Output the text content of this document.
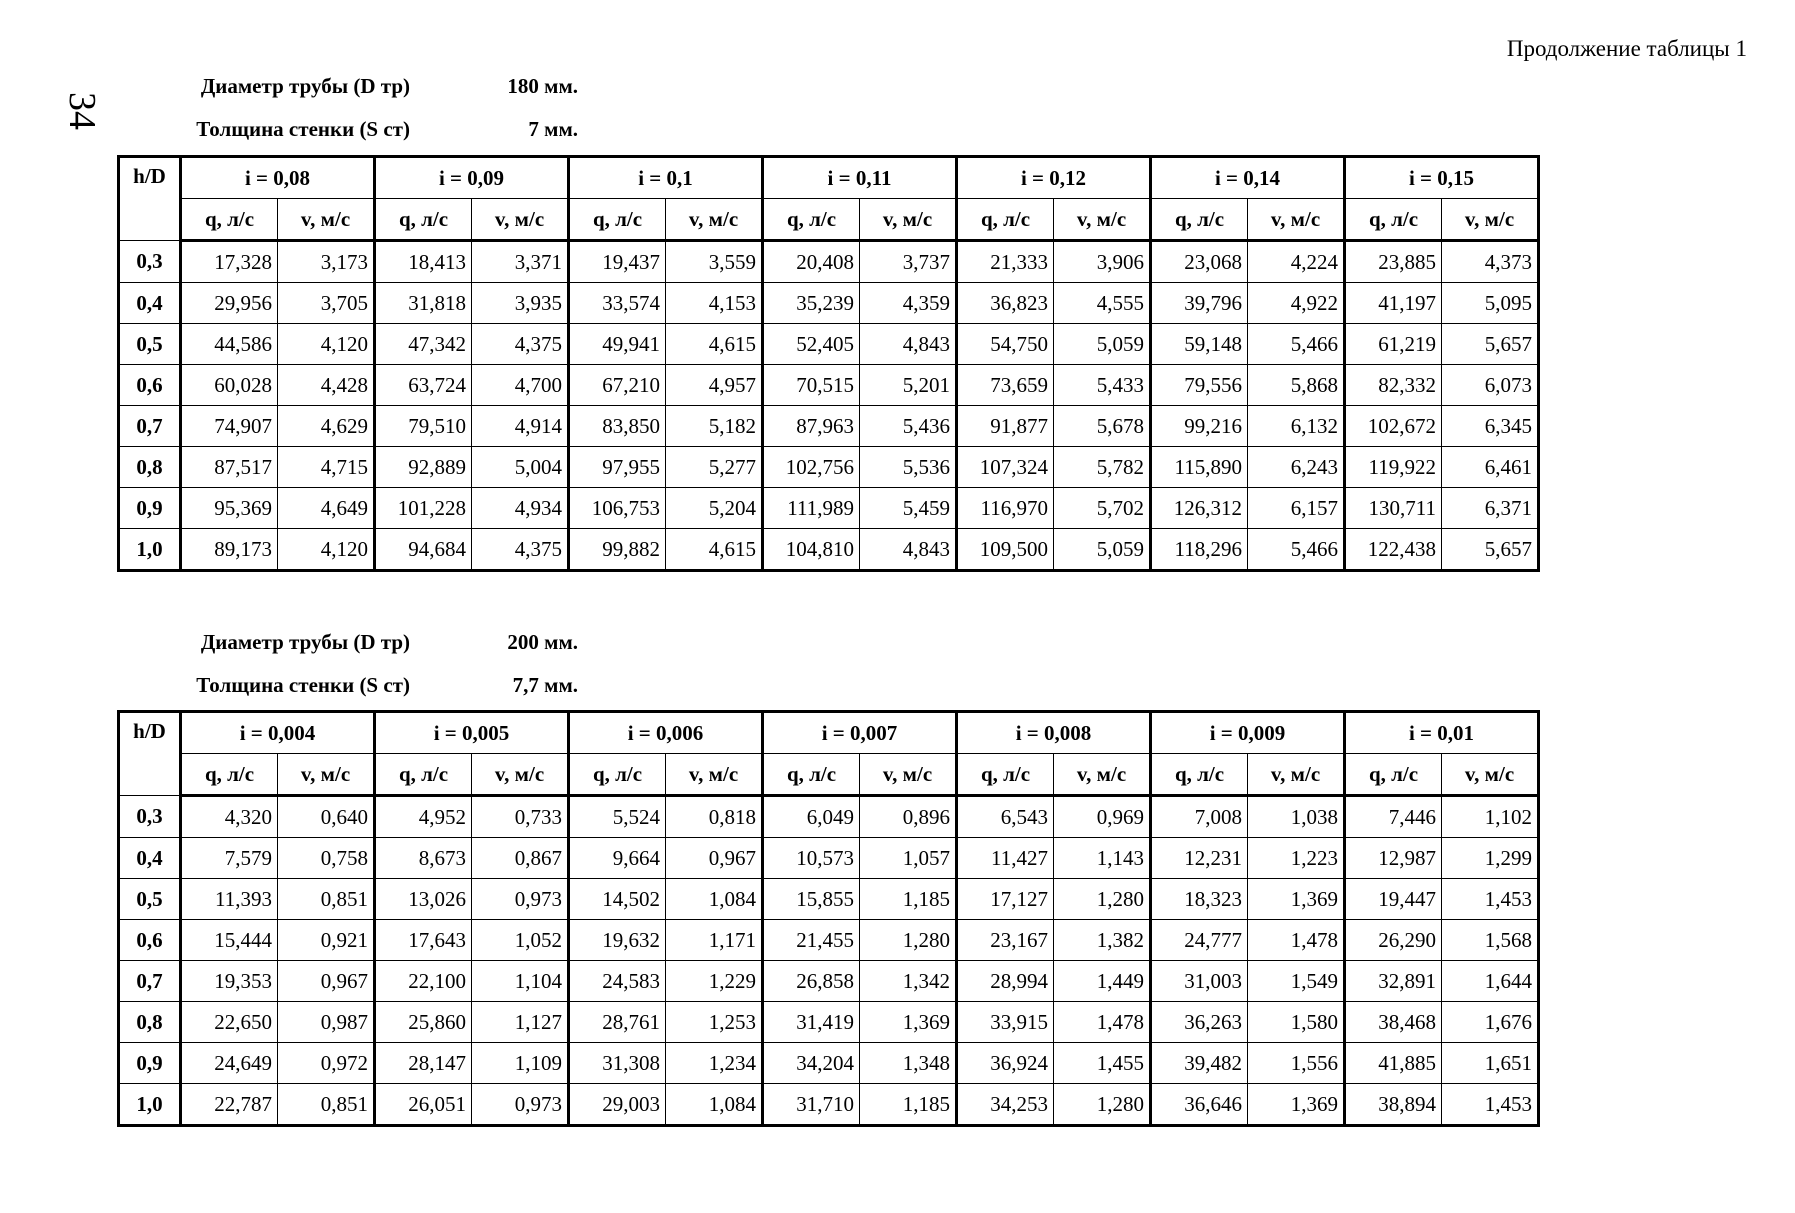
Продолжение таблицы 1
34
Диаметр трубы (D тр)	180 мм.
Толщина стенки (S ст)	7 мм.
h/D	i = 0,08		i = 0,09		i = 0,1		i = 0,11		i = 0,12		i = 0,14		i = 0,15	
	q, л/с	v, м/с	q, л/с	v, м/с	q, л/с	v, м/с	q, л/с	v, м/с	q, л/с	v, м/с	q, л/с	v, м/с	q, л/с	v, м/с
0,3	17,328	3,173	18,413	3,371	19,437	3,559	20,408	3,737	21,333	3,906	23,068	4,224	23,885	4,373
0,4	29,956	3,705	31,818	3,935	33,574	4,153	35,239	4,359	36,823	4,555	39,796	4,922	41,197	5,095
0,5	44,586	4,120	47,342	4,375	49,941	4,615	52,405	4,843	54,750	5,059	59,148	5,466	61,219	5,657
0,6	60,028	4,428	63,724	4,700	67,210	4,957	70,515	5,201	73,659	5,433	79,556	5,868	82,332	6,073
0,7	74,907	4,629	79,510	4,914	83,850	5,182	87,963	5,436	91,877	5,678	99,216	6,132	102,672	6,345
0,8	87,517	4,715	92,889	5,004	97,955	5,277	102,756	5,536	107,324	5,782	115,890	6,243	119,922	6,461
0,9	95,369	4,649	101,228	4,934	106,753	5,204	111,989	5,459	116,970	5,702	126,312	6,157	130,711	6,371
1,0	89,173	4,120	94,684	4,375	99,882	4,615	104,810	4,843	109,500	5,059	118,296	5,466	122,438	5,657
Диаметр трубы (D тр)	200 мм.
Толщина стенки (S ст)	7,7 мм.
h/D	i = 0,004		i = 0,005		i = 0,006		i = 0,007		i = 0,008		i = 0,009		i = 0,01	
	q, л/с	v, м/с	q, л/с	v, м/с	q, л/с	v, м/с	q, л/с	v, м/с	q, л/с	v, м/с	q, л/с	v, м/с	q, л/с	v, м/с
0,3	4,320	0,640	4,952	0,733	5,524	0,818	6,049	0,896	6,543	0,969	7,008	1,038	7,446	1,102
0,4	7,579	0,758	8,673	0,867	9,664	0,967	10,573	1,057	11,427	1,143	12,231	1,223	12,987	1,299
0,5	11,393	0,851	13,026	0,973	14,502	1,084	15,855	1,185	17,127	1,280	18,323	1,369	19,447	1,453
0,6	15,444	0,921	17,643	1,052	19,632	1,171	21,455	1,280	23,167	1,382	24,777	1,478	26,290	1,568
0,7	19,353	0,967	22,100	1,104	24,583	1,229	26,858	1,342	28,994	1,449	31,003	1,549	32,891	1,644
0,8	22,650	0,987	25,860	1,127	28,761	1,253	31,419	1,369	33,915	1,478	36,263	1,580	38,468	1,676
0,9	24,649	0,972	28,147	1,109	31,308	1,234	34,204	1,348	36,924	1,455	39,482	1,556	41,885	1,651
1,0	22,787	0,851	26,051	0,973	29,003	1,084	31,710	1,185	34,253	1,280	36,646	1,369	38,894	1,453
